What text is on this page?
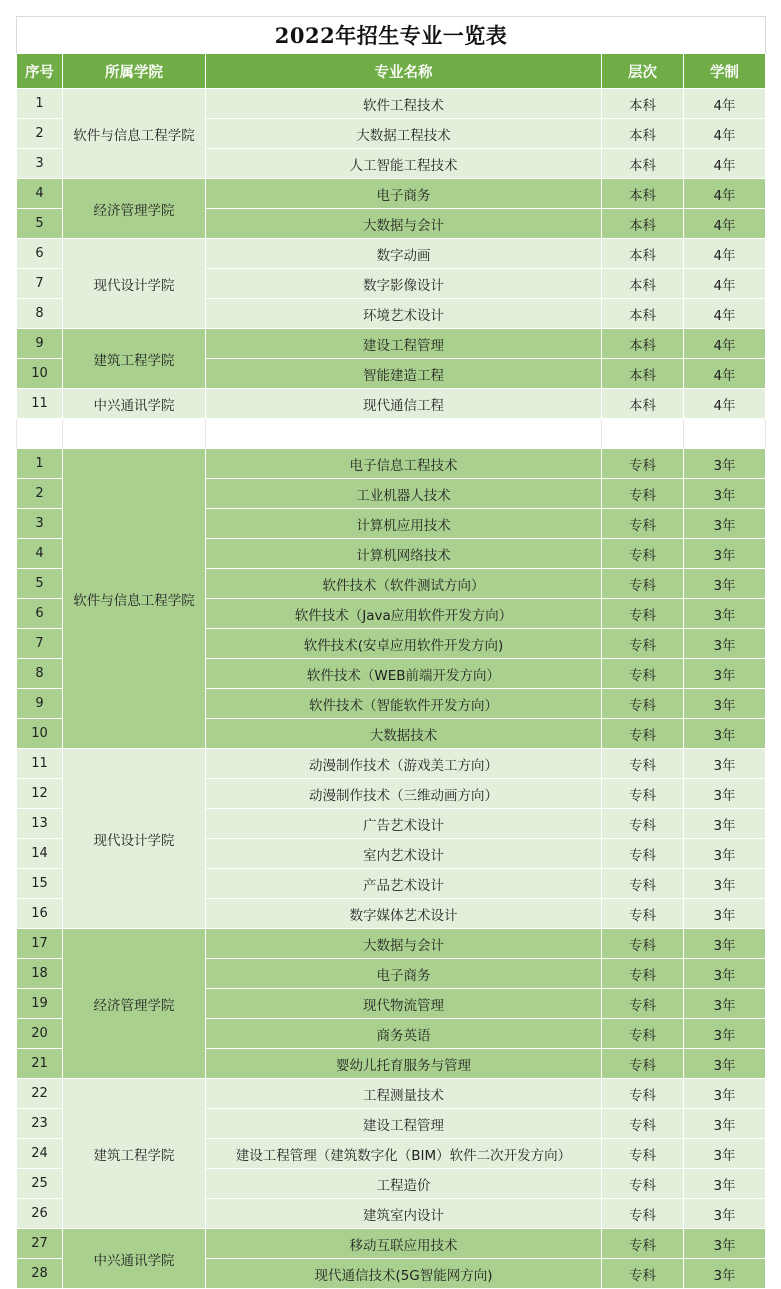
2022年招生专业一览表				
序号	所属学院	专业名称	层次	学制
1	软件与信息工程学院	软件工程技术	本科	4年
2		大数据工程技术	本科	4年
3		人工智能工程技术	本科	4年
4	经济管理学院	电子商务	本科	4年
5		大数据与会计	本科	4年
6	现代设计学院	数字动画	本科	4年
7		数字影像设计	本科	4年
8		环境艺术设计	本科	4年
9	建筑工程学院	建设工程管理	本科	4年
10		智能建造工程	本科	4年
11	中兴通讯学院	现代通信工程	本科	4年

1	软件与信息工程学院	电子信息工程技术	专科	3年
2		工业机器人技术	专科	3年
3		计算机应用技术	专科	3年
4		计算机网络技术	专科	3年
5		软件技术（软件测试方向）	专科	3年
6		软件技术（Java应用软件开发方向）	专科	3年
7		软件技术(安卓应用软件开发方向)	专科	3年
8		软件技术（WEB前端开发方向）	专科	3年
9		软件技术（智能软件开发方向）	专科	3年
10		大数据技术	专科	3年
11	现代设计学院	动漫制作技术（游戏美工方向）	专科	3年
12		动漫制作技术（三维动画方向）	专科	3年
13		广告艺术设计	专科	3年
14		室内艺术设计	专科	3年
15		产品艺术设计	专科	3年
16		数字媒体艺术设计	专科	3年
17	经济管理学院	大数据与会计	专科	3年
18		电子商务	专科	3年
19		现代物流管理	专科	3年
20		商务英语	专科	3年
21		婴幼儿托育服务与管理	专科	3年
22	建筑工程学院	工程测量技术	专科	3年
23		建设工程管理	专科	3年
24		建设工程管理（建筑数字化（BIM）软件二次开发方向）	专科	3年
25		工程造价	专科	3年
26		建筑室内设计	专科	3年
27	中兴通讯学院	移动互联应用技术	专科	3年
28		现代通信技术(5G智能网方向)	专科	3年
